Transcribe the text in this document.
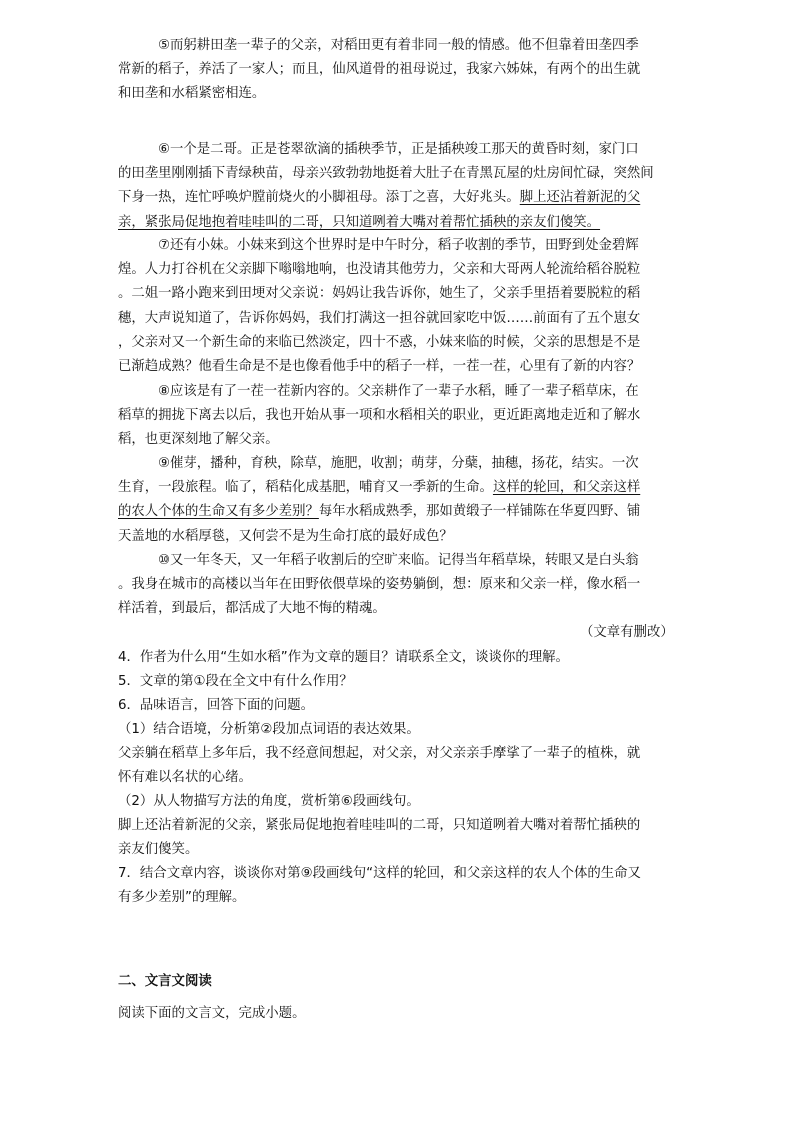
⑤而躬耕田垄一辈子的父亲，对稻田更有着非同一般的情感。他不但靠着田垄四季
常新的稻子，养活了一家人；而且，仙风道骨的祖母说过，我家六姊妹，有两个的出生就
和田垄和水稻紧密相连。
⑥一个是二哥。正是苍翠欲滴的插秧季节，正是插秧竣工那天的黄昏时刻，家门口
的田垄里刚刚插下青绿秧苗，母亲兴致勃勃地挺着大肚子在青黑瓦屋的灶房间忙碌，突然间
下身一热，连忙呼唤炉膛前烧火的小脚祖母。添丁之喜，大好兆头。脚上还沾着新泥的父
亲，紧张局促地抱着哇哇叫的二哥，只知道咧着大嘴对着帮忙插秧的亲友们傻笑。
⑦还有小妹。小妹来到这个世界时是中午时分，稻子收割的季节，田野到处金碧辉
煌。人力打谷机在父亲脚下嗡嗡地响，也没请其他劳力，父亲和大哥两人轮流给稻谷脱粒
。二姐一路小跑来到田埂对父亲说：妈妈让我告诉你，她生了，父亲手里捂着要脱粒的稻
穗，大声说知道了，告诉你妈妈，我们打满这一担谷就回家吃中饭……前面有了五个崽女
，父亲对又一个新生命的来临已然淡定，四十不惑，小妹来临的时候，父亲的思想是不是
已渐趋成熟？他看生命是不是也像看他手中的稻子一样，一茬一茬，心里有了新的内容？
⑧应该是有了一茬一茬新内容的。父亲耕作了一辈子水稻，睡了一辈子稻草床，在
稻草的拥拢下离去以后，我也开始从事一项和水稻相关的职业，更近距离地走近和了解水
稻，也更深刻地了解父亲。
⑨催芽，播种，育秧，除草，施肥，收割；萌芽，分蘖，抽穗，扬花，结实。一次
生育，一段旅程。临了，稻秸化成基肥，哺育又一季新的生命。这样的轮回，和父亲这样
的农人个体的生命又有多少差别？每年水稻成熟季，那如黄缎子一样铺陈在华夏四野、铺
天盖地的水稻厚毯，又何尝不是为生命打底的最好成色？
⑩又一年冬天，又一年稻子收割后的空旷来临。记得当年稻草垛，转眼又是白头翁
。我身在城市的高楼以当年在田野依偎草垛的姿势躺倒，想：原来和父亲一样，像水稻一
样活着，到最后，都活成了大地不悔的精魂。
（文章有删改）
4．作者为什么用“生如水稻”作为文章的题目？请联系全文，谈谈你的理解。
5．文章的第①段在全文中有什么作用？
6．品味语言，回答下面的问题。
（1）结合语境，分析第②段加点词语的表达效果。
父亲躺在稻草上多年后，我不经意间想起，对父亲，对父亲亲手摩挲了一辈子的植株，就
怀有难以名状的心绪。
（2）从人物描写方法的角度，赏析第⑥段画线句。
脚上还沾着新泥的父亲，紧张局促地抱着哇哇叫的二哥，只知道咧着大嘴对着帮忙插秧的
亲友们傻笑。
7．结合文章内容，谈谈你对第⑨段画线句“这样的轮回，和父亲这样的农人个体的生命又
有多少差别”的理解。
二、文言文阅读
阅读下面的文言文，完成小题。
